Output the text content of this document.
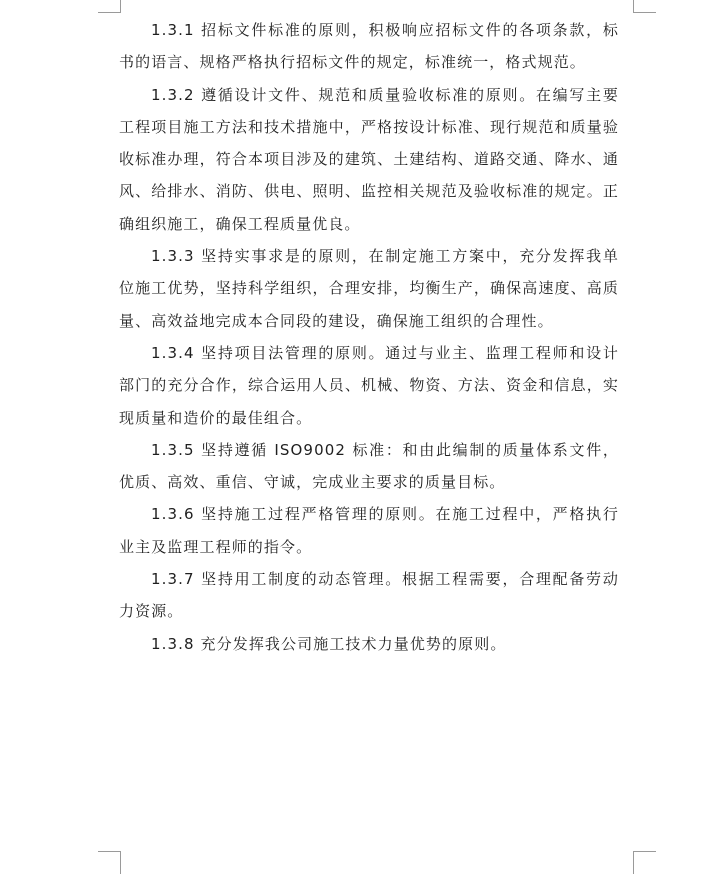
1.3.1 招标文件标准的原则，积极响应招标文件的各项条款，标书的语言、规格严格执行招标文件的规定，标准统一，格式规范。

1.3.2 遵循设计文件、规范和质量验收标准的原则。在编写主要工程项目施工方法和技术措施中，严格按设计标准、现行规范和质量验收标准办理，符合本项目涉及的建筑、土建结构、道路交通、降水、通风、给排水、消防、供电、照明、监控相关规范及验收标准的规定。正确组织施工，确保工程质量优良。

1.3.3 坚持实事求是的原则，在制定施工方案中，充分发挥我单位施工优势，坚持科学组织，合理安排，均衡生产，确保高速度、高质量、高效益地完成本合同段的建设，确保施工组织的合理性。

1.3.4 坚持项目法管理的原则。通过与业主、监理工程师和设计部门的充分合作，综合运用人员、机械、物资、方法、资金和信息，实现质量和造价的最佳组合。

1.3.5 坚持遵循 ISO9002 标准：和由此编制的质量体系文件，优质、高效、重信、守诚，完成业主要求的质量目标。

1.3.6 坚持施工过程严格管理的原则。在施工过程中，严格执行业主及监理工程师的指令。

1.3.7 坚持用工制度的动态管理。根据工程需要，合理配备劳动力资源。

1.3.8 充分发挥我公司施工技术力量优势的原则。
